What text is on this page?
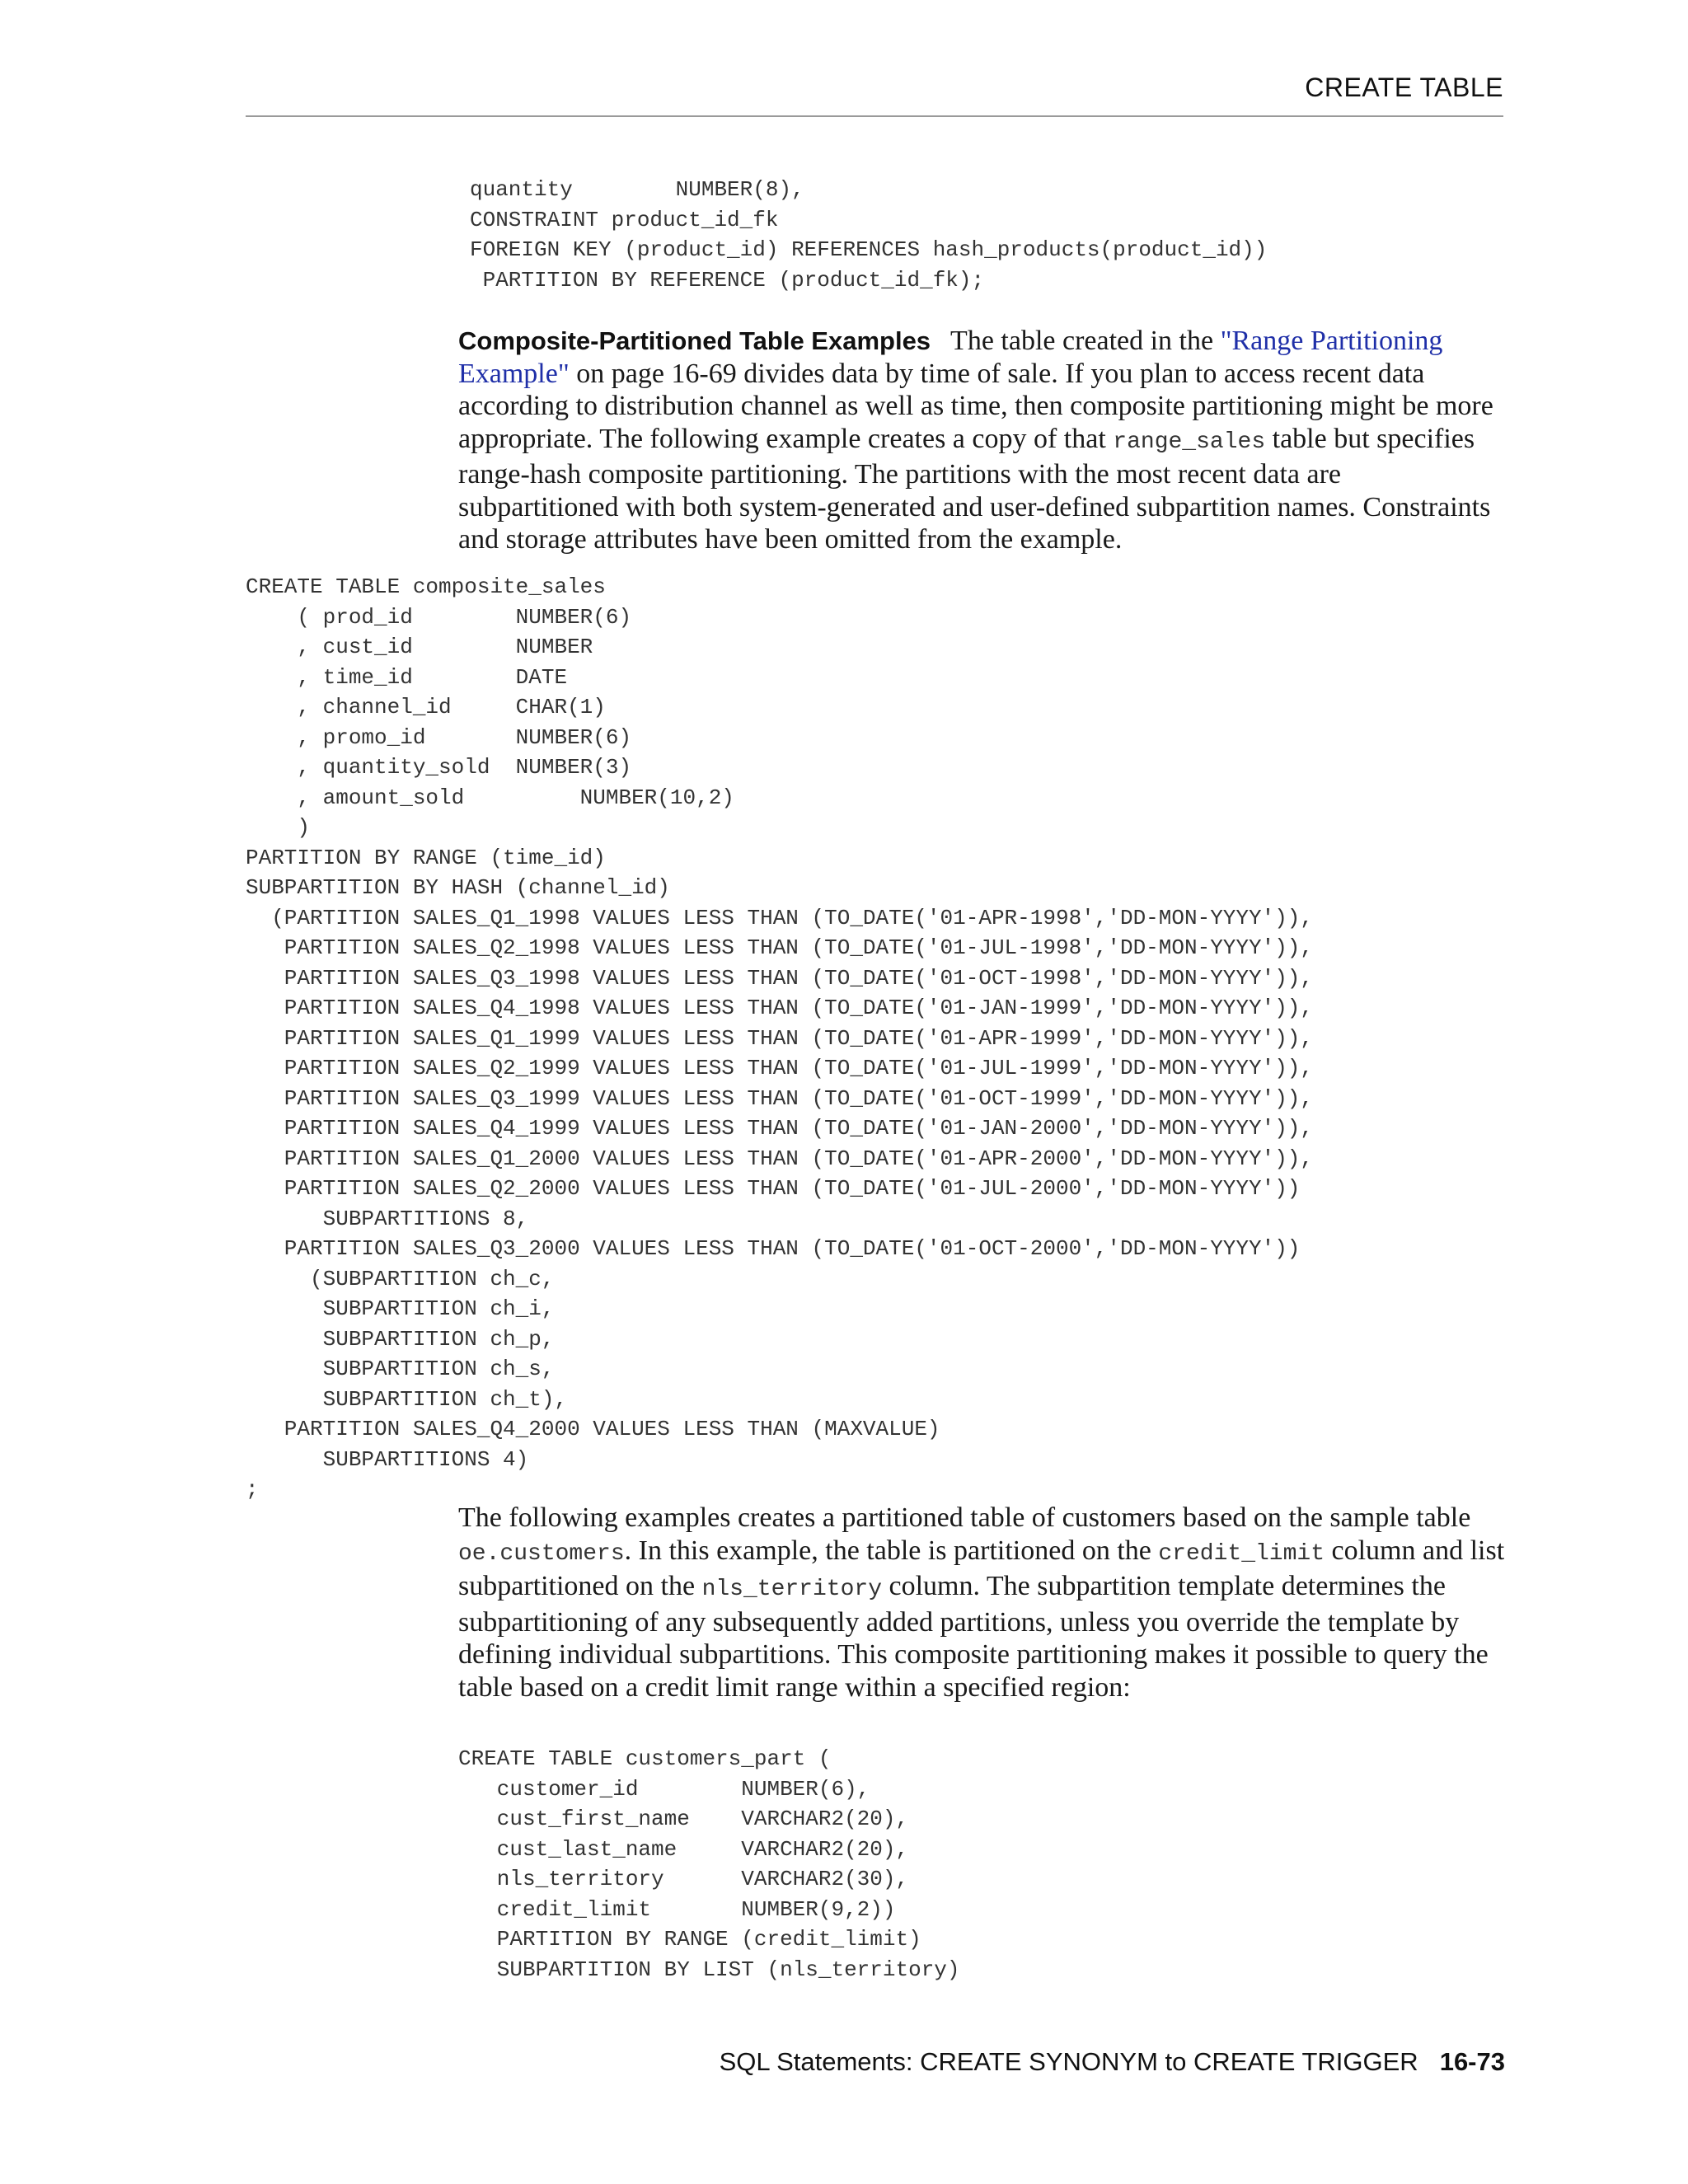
CREATE TABLE
quantity        NUMBER(8),
CONSTRAINT product_id_fk
FOREIGN KEY (product_id) REFERENCES hash_products(product_id))
PARTITION BY REFERENCE (product_id_fk);

Composite-Partitioned Table Examples The table created in the "Range Partitioning Example" on page 16-69 divides data by time of sale. If you plan to access recent data according to distribution channel as well as time, then composite partitioning might be more appropriate. The following example creates a copy of that range_sales table but specifies range-hash composite partitioning. The partitions with the most recent data are subpartitioned with both system-generated and user-defined subpartition names. Constraints and storage attributes have been omitted from the example.

CREATE TABLE composite_sales
( prod_id        NUMBER(6)
, cust_id        NUMBER
, time_id        DATE
, channel_id     CHAR(1)
, promo_id       NUMBER(6)
, quantity_sold  NUMBER(3)
, amount_sold         NUMBER(10,2)
)
PARTITION BY RANGE (time_id)
SUBPARTITION BY HASH (channel_id)
(PARTITION SALES_Q1_1998 VALUES LESS THAN (TO_DATE('01-APR-1998','DD-MON-YYYY')),
PARTITION SALES_Q2_1998 VALUES LESS THAN (TO_DATE('01-JUL-1998','DD-MON-YYYY')),
PARTITION SALES_Q3_1998 VALUES LESS THAN (TO_DATE('01-OCT-1998','DD-MON-YYYY')),
PARTITION SALES_Q4_1998 VALUES LESS THAN (TO_DATE('01-JAN-1999','DD-MON-YYYY')),
PARTITION SALES_Q1_1999 VALUES LESS THAN (TO_DATE('01-APR-1999','DD-MON-YYYY')),
PARTITION SALES_Q2_1999 VALUES LESS THAN (TO_DATE('01-JUL-1999','DD-MON-YYYY')),
PARTITION SALES_Q3_1999 VALUES LESS THAN (TO_DATE('01-OCT-1999','DD-MON-YYYY')),
PARTITION SALES_Q4_1999 VALUES LESS THAN (TO_DATE('01-JAN-2000','DD-MON-YYYY')),
PARTITION SALES_Q1_2000 VALUES LESS THAN (TO_DATE('01-APR-2000','DD-MON-YYYY')),
PARTITION SALES_Q2_2000 VALUES LESS THAN (TO_DATE('01-JUL-2000','DD-MON-YYYY'))
SUBPARTITIONS 8,
PARTITION SALES_Q3_2000 VALUES LESS THAN (TO_DATE('01-OCT-2000','DD-MON-YYYY'))
(SUBPARTITION ch_c,
SUBPARTITION ch_i,
SUBPARTITION ch_p,
SUBPARTITION ch_s,
SUBPARTITION ch_t),
PARTITION SALES_Q4_2000 VALUES LESS THAN (MAXVALUE)
SUBPARTITIONS 4)
;

The following examples creates a partitioned table of customers based on the sample table oe.customers. In this example, the table is partitioned on the credit_limit column and list subpartitioned on the nls_territory column. The subpartition template determines the subpartitioning of any subsequently added partitions, unless you override the template by defining individual subpartitions. This composite partitioning makes it possible to query the table based on a credit limit range within a specified region:

CREATE TABLE customers_part (
customer_id        NUMBER(6),
cust_first_name    VARCHAR2(20),
cust_last_name     VARCHAR2(20),
nls_territory      VARCHAR2(30),
credit_limit       NUMBER(9,2))
PARTITION BY RANGE (credit_limit)
SUBPARTITION BY LIST (nls_territory)
SQL Statements: CREATE SYNONYM to CREATE TRIGGER 16-73
